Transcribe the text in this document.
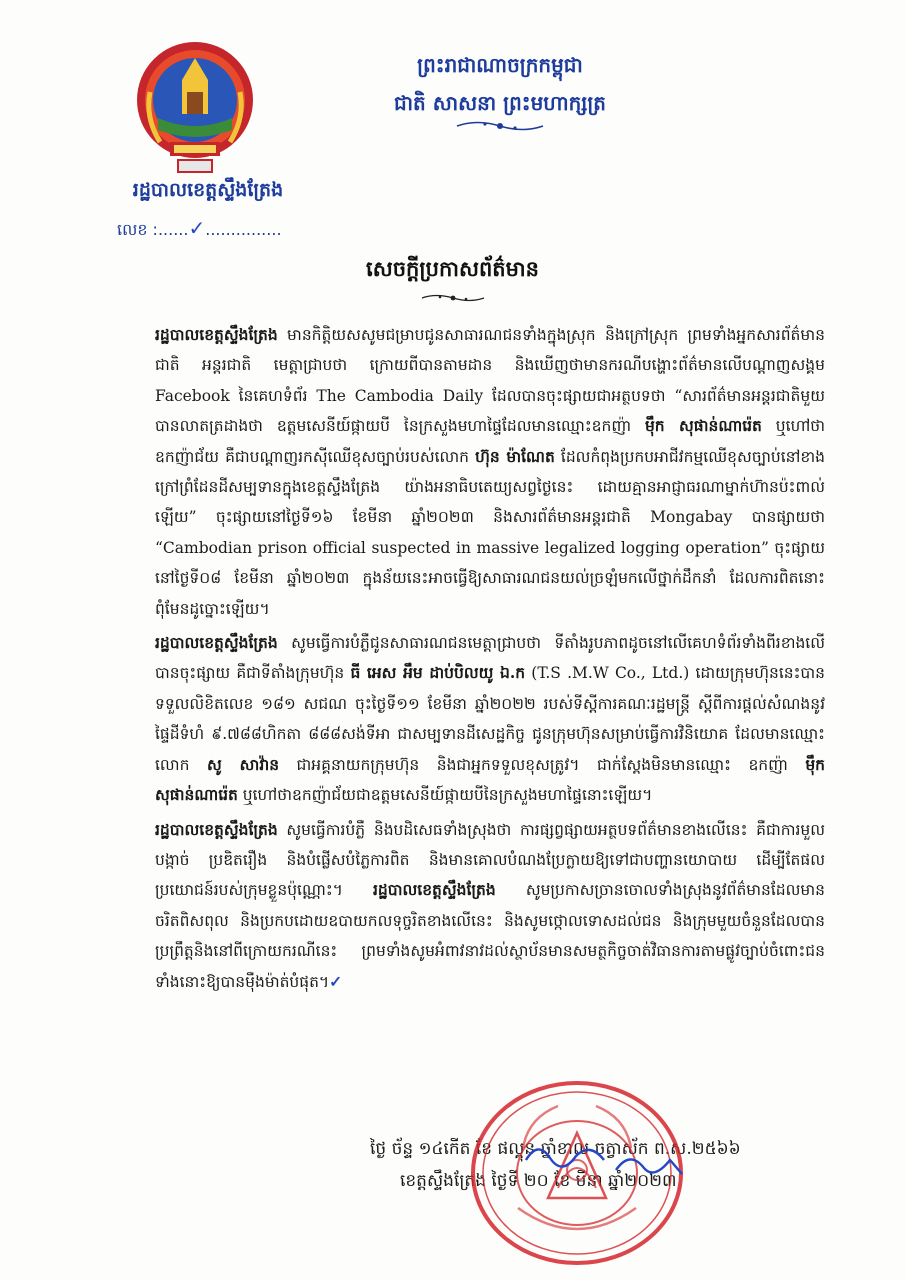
រដ្ឋបាលខេត្តស្ទឹងត្រែង
លេខ :......✓...............
ព្រះរាជាណាចក្រកម្ពុជា
ជាតិ សាសនា ព្រះមហាក្សត្រ
សេចក្តីប្រកាសព័ត៌មាន

រដ្ឋបាលខេត្តស្ទឹងត្រែង មានកិត្តិយសសូមជម្រាបជូនសាធារណជនទាំងក្នុងស្រុក និងក្រៅស្រុក ព្រមទាំងអ្នកសារព័ត៌មានជាតិ អន្តរជាតិ មេត្តាជ្រាបថា ក្រោយពីបានតាមដាន និងឃើញថាមានករណីបង្ហោះព័ត៌មានលើបណ្តាញសង្គម Facebook នៃគេហទំព័រ The Cambodia Daily ដែលបានចុះផ្សាយជាអត្ថបទថា “សារព័ត៌មានអន្តរជាតិមួយបានលាតត្រដាងថា ឧត្តមសេនីយ៍ផ្កាយបី នៃក្រសួងមហាផ្ទៃដែលមានឈ្មោះឧកញ៉ា ម៉ឹក សុផាន់ណារ៉េត ឬហៅថាឧកញ៉ាជ័យ គឺជាបណ្តាញរកស៊ីឈើខុសច្បាប់របស់លោក ហ៊ុន ម៉ាណែត ដែលកំពុងប្រកបអាជីវកម្មឈើខុសច្បាប់នៅខាងក្រៅព្រំដែនដីសម្បទានក្នុងខេត្តស្ទឹងត្រែង យ៉ាងអនាធិបតេយ្យសព្វថ្ងៃនេះ ដោយគ្មានអាជ្ញាធរណាម្នាក់ហ៊ានប៉ះពាល់ឡើយ” ចុះផ្សាយនៅថ្ងៃទី១៦ ខែមីនា ឆ្នាំ២០២៣ និងសារព័ត៌មានអន្តរជាតិ Mongabay បានផ្សាយថា “Cambodian prison official suspected in massive legalized logging operation” ចុះផ្សាយនៅថ្ងៃទី០៨ ខែមីនា ឆ្នាំ២០២៣ ក្នុងន័យនេះអាចធ្វើឱ្យសាធារណជនយល់ច្រឡំមកលើថ្នាក់ដឹកនាំ ដែលការពិតនោះពុំមែនដូច្នោះឡើយ។

រដ្ឋបាលខេត្តស្ទឹងត្រែង សូមធ្វើការបំភ្លឺជូនសាធារណជនមេត្តាជ្រាបថា ទីតាំងរូបភាពដូចនៅលើគេហទំព័រទាំងពីរខាងលើបានចុះផ្សាយ គឺជាទីតាំងក្រុមហ៊ុន ធី អេស អឹម ដាប់បិលយូ ឯ.ក (T.S .M.W Co., Ltd.) ដោយក្រុមហ៊ុននេះបានទទួលលិខិតលេខ ១៨១ សជណ ចុះថ្ងៃទី១១ ខែមីនា ឆ្នាំ២០២២ របស់ទីស្តីការគណៈរដ្ឋមន្ត្រី ស្តីពីការផ្តល់សំណងនូវផ្ទៃដីទំហំ ៩.៧៨៨ហិកតា ៨៨៨សង់ទីអា ជាសម្បទានដីសេដ្ឋកិច្ច ជូនក្រុមហ៊ុនសម្រាប់ធ្វើការវិនិយោគ ដែលមានឈ្មោះលោក សូ សាវ៉ាន ជាអគ្គនាយកក្រុមហ៊ុន និងជាអ្នកទទួលខុសត្រូវ។ ជាក់ស្តែងមិនមានឈ្មោះ ឧកញ៉ា ម៉ឹក សុផាន់ណារ៉េត ឬហៅថាឧកញ៉ាជ័យជាឧត្តមសេនីយ៍ផ្កាយបីនៃក្រសួងមហាផ្ទៃនោះឡើយ។

រដ្ឋបាលខេត្តស្ទឹងត្រែង សូមធ្វើការបំភ្លឺ និងបដិសេធទាំងស្រុងថា ការផ្សព្វផ្សាយអត្ថបទព័ត៌មានខាងលើនេះ គឺជាការមួលបង្កាច់ ប្រឌិតរឿង និងបំផ្លើសបំភ្លៃការពិត និងមានគោលបំណងប្រែក្លាយឱ្យទៅជាបញ្ហានយោបាយ ដើម្បីតែផលប្រយោជន៍របស់ក្រុមខ្លួនប៉ុណ្ណោះ។ រដ្ឋបាលខេត្តស្ទឹងត្រែង សូមប្រកាសច្រានចោលទាំងស្រុងនូវព័ត៌មានដែលមានចរិតពិសពុល និងប្រកបដោយឧបាយកលទុច្ចរិតខាងលើនេះ និងសូមថ្កោលទោសដល់ជន និងក្រុមមួយចំនួនដែលបានប្រព្រឹត្តនិងនៅពីក្រោយករណីនេះ ព្រមទាំងសូមអំពាវនាវដល់ស្ថាប័នមានសមត្ថកិច្ចចាត់វិធានការតាមផ្លូវច្បាប់ចំពោះជនទាំងនោះឱ្យបានម៉ឺងម៉ាត់បំផុត។✓

ថ្ងៃ ច័ន្ទ ១៤កើត ខែ ផល្គុន ឆ្នាំខាល ចត្វាស័ក ព.ស.២៥៦៦
ខេត្តស្ទឹងត្រែង ថ្ងៃទី ២០ ខែ មីនា ឆ្នាំ២០២៣
